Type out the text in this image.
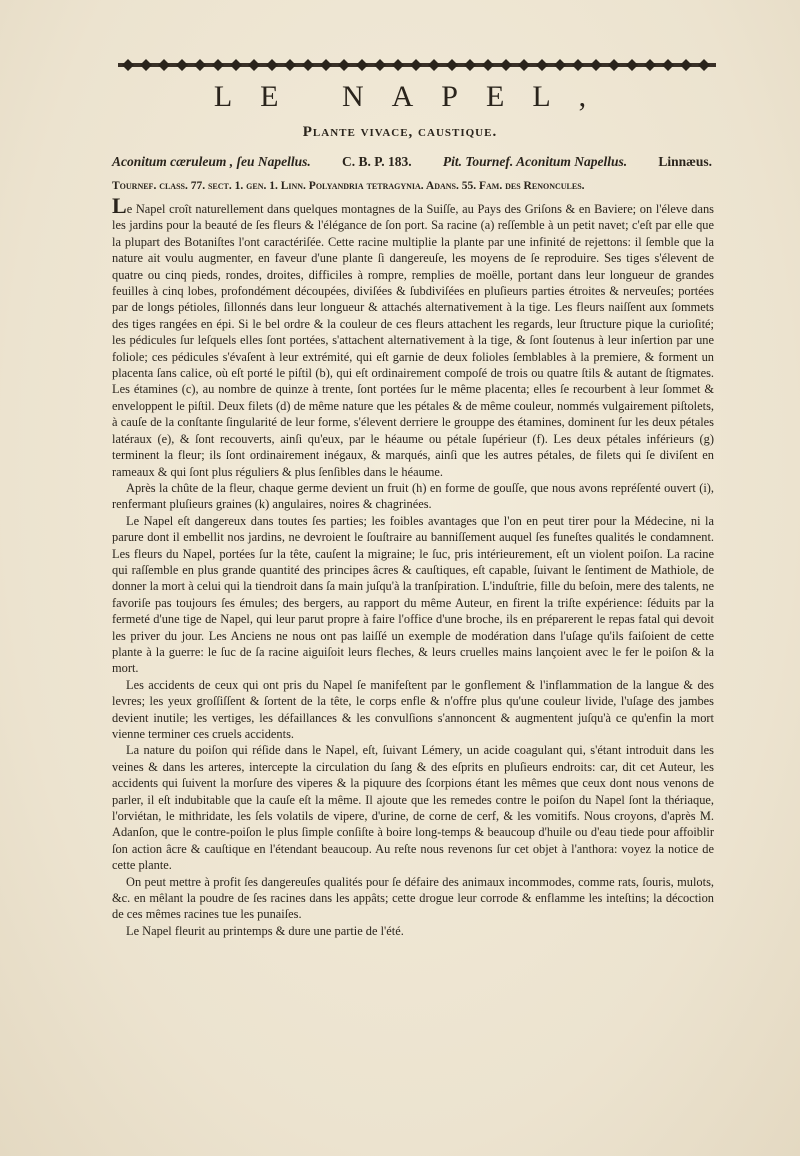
LE NAPEL,
Plante vivace, caustique.
Aconitum cæruleum , ſeu Napellus. C. B. P. 183. Pit. Tournef. Aconitum Napellus. Linnæus.
Tournef. claſſ. 77. ſect. 1. gen. 1. Linn. Polyandria tetragynia. Adans. 55. Fam. des Renoncules.

Le Napel croît naturellement dans quelques montagnes de la Suiſſe, au Pays des Griſons & en Baviere; on l'éleve dans les jardins pour la beauté de ſes fleurs & l'élégance de ſon port. Sa racine (a) reſſemble à un petit navet; c'eſt par elle que la plupart des Botaniſtes l'ont caractériſée. Cette racine multiplie la plante par une infinité de rejettons: il ſemble que la nature ait voulu augmenter, en faveur d'une plante ſi dangereuſe, les moyens de ſe reproduire. Ses tiges s'élevent de quatre ou cinq pieds, rondes, droites, difficiles à rompre, remplies de moëlle, portant dans leur longueur de grandes feuilles à cinq lobes, profondément découpées, diviſées & ſubdiviſées en pluſieurs parties étroites & nerveuſes; portées par de longs pétioles, ſillonnés dans leur longueur & attachés alternativement à la tige. Les fleurs naiſſent aux ſommets des tiges rangées en épi. Si le bel ordre & la couleur de ces fleurs attachent les regards, leur ſtructure pique la curioſité; les pédicules ſur leſquels elles ſont portées, s'attachent alternativement à la tige, & ſont ſoutenus à leur inſertion par une foliole; ces pédicules s'évaſent à leur extrémité, qui eſt garnie de deux folioles ſemblables à la premiere, & forment un placenta ſans calice, où eſt porté le piſtil (b), qui eſt ordinairement compoſé de trois ou quatre ſtils & autant de ſtigmates. Les étamines (c), au nombre de quinze à trente, ſont portées ſur le même placenta; elles ſe recourbent à leur ſommet & enveloppent le piſtil. Deux filets (d) de même nature que les pétales & de même couleur, nommés vulgairement piſtolets, à cauſe de la conſtante ſingularité de leur forme, s'élevent derriere le grouppe des étamines, dominent ſur les deux pétales latéraux (e), & ſont recouverts, ainſi qu'eux, par le héaume ou pétale ſupérieur (f). Les deux pétales inférieurs (g) terminent la fleur; ils ſont ordinairement inégaux, & marqués, ainſi que les autres pétales, de filets qui ſe diviſent en rameaux & qui ſont plus réguliers & plus ſenſibles dans le héaume.

Après la chûte de la fleur, chaque germe devient un fruit (h) en forme de gouſſe, que nous avons repréſenté ouvert (i), renfermant pluſieurs graines (k) angulaires, noires & chagrinées.

Le Napel eſt dangereux dans toutes ſes parties; les foibles avantages que l'on en peut tirer pour la Médecine, ni la parure dont il embellit nos jardins, ne devroient le ſouſtraire au banniſſement auquel ſes funeſtes qualités le condamnent. Les fleurs du Napel, portées ſur la tête, cauſent la migraine; le ſuc, pris intérieurement, eſt un violent poiſon. La racine qui raſſemble en plus grande quantité des principes âcres & cauſtiques, eſt capable, ſuivant le ſentiment de Mathiole, de donner la mort à celui qui la tiendroit dans ſa main juſqu'à la tranſpiration. L'induſtrie, fille du beſoin, mere des talents, ne favoriſe pas toujours ſes émules; des bergers, au rapport du même Auteur, en firent la triſte expérience: ſéduits par la fermeté d'une tige de Napel, qui leur parut propre à faire l'office d'une broche, ils en préparerent le repas fatal qui devoit les priver du jour. Les Anciens ne nous ont pas laiſſé un exemple de modération dans l'uſage qu'ils faiſoient de cette plante à la guerre: le ſuc de ſa racine aiguiſoit leurs fleches, & leurs cruelles mains lançoient avec le fer le poiſon & la mort.

Les accidents de ceux qui ont pris du Napel ſe manifeſtent par le gonflement & l'inflammation de la langue & des levres; les yeux groſſiſſent & ſortent de la tête, le corps enfle & n'offre plus qu'une couleur livide, l'uſage des jambes devient inutile; les vertiges, les défaillances & les convulſions s'annoncent & augmentent juſqu'à ce qu'enfin la mort vienne terminer ces cruels accidents.

La nature du poiſon qui réſide dans le Napel, eſt, ſuivant Lémery, un acide coagulant qui, s'étant introduit dans les veines & dans les arteres, intercepte la circulation du ſang & des eſprits en pluſieurs endroits: car, dit cet Auteur, les accidents qui ſuivent la morſure des viperes & la piquure des ſcorpions étant les mêmes que ceux dont nous venons de parler, il eſt indubitable que la cauſe eſt la même. Il ajoute que les remedes contre le poiſon du Napel ſont la thériaque, l'orviétan, le mithridate, les ſels volatils de vipere, d'urine, de corne de cerf, & les vomitifs. Nous croyons, d'après M. Adanſon, que le contre-poiſon le plus ſimple conſiſte à boire long-temps & beaucoup d'huile ou d'eau tiede pour affoiblir ſon action âcre & cauſtique en l'étendant beaucoup. Au reſte nous revenons ſur cet objet à l'anthora: voyez la notice de cette plante.

On peut mettre à profit ſes dangereuſes qualités pour ſe défaire des animaux incommodes, comme rats, ſouris, mulots, &c. en mêlant la poudre de ſes racines dans les appâts; cette drogue leur corrode & enflamme les inteſtins; la décoction de ces mêmes racines tue les punaiſes.

Le Napel fleurit au printemps & dure une partie de l'été.
